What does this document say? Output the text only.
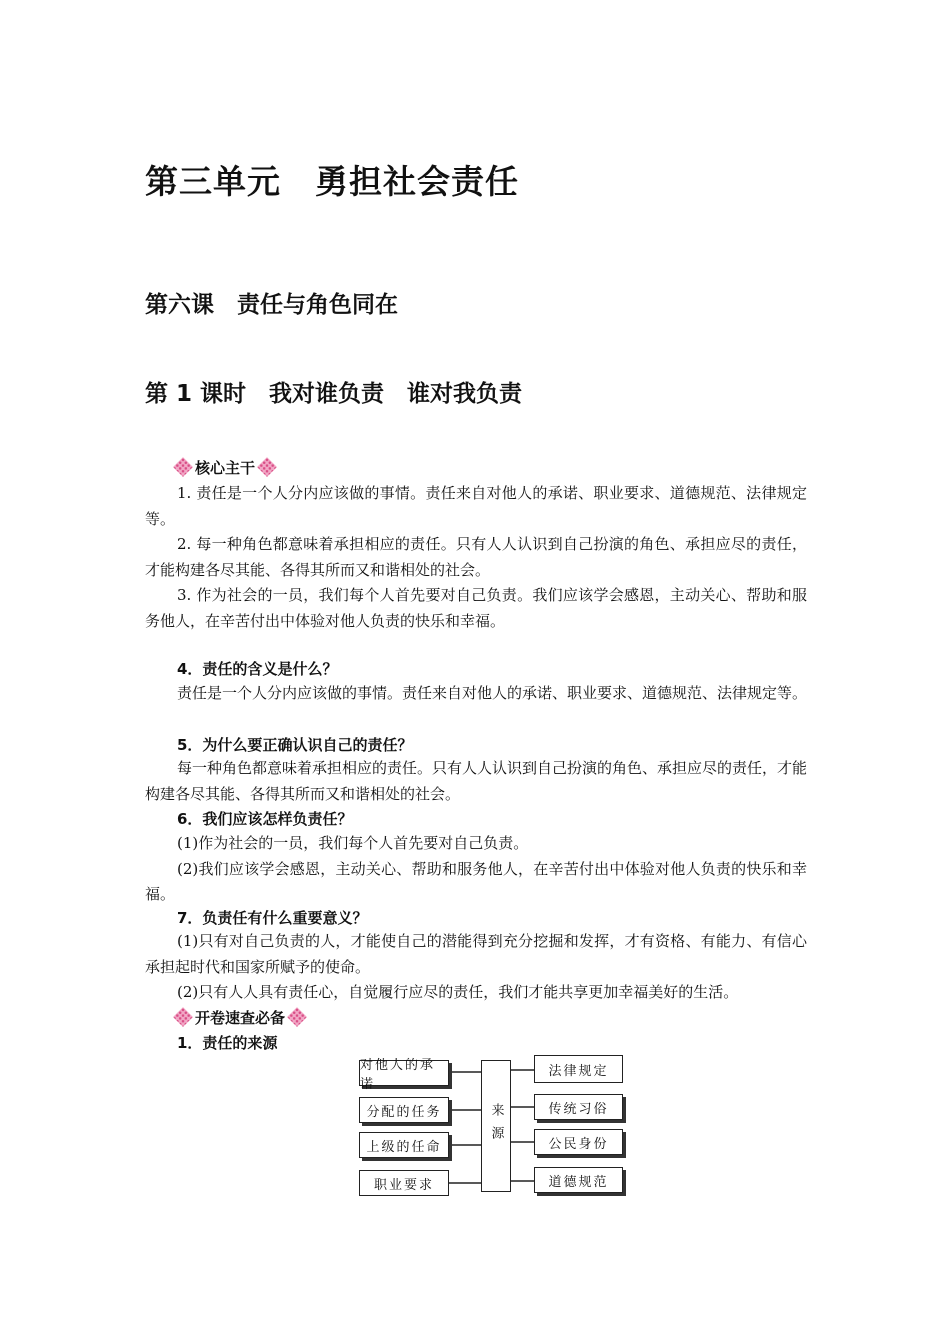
第三单元　勇担社会责任
第六课　责任与角色同在
第 1 课时　我对谁负责　谁对我负责
核心主干
1. 责任是一个人分内应该做的事情。责任来自对他人的承诺、职业要求、道德规范、法律规定等。
2. 每一种角色都意味着承担相应的责任。只有人人认识到自己扮演的角色、承担应尽的责任，才能构建各尽其能、各得其所而又和谐相处的社会。
3. 作为社会的一员，我们每个人首先要对自己负责。我们应该学会感恩，主动关心、帮助和服务他人，在辛苦付出中体验对他人负责的快乐和幸福。
4．责任的含义是什么？
责任是一个人分内应该做的事情。责任来自对他人的承诺、职业要求、道德规范、法律规定等。
5．为什么要正确认识自己的责任？
每一种角色都意味着承担相应的责任。只有人人认识到自己扮演的角色、承担应尽的责任，才能构建各尽其能、各得其所而又和谐相处的社会。
6．我们应该怎样负责任？
(1)作为社会的一员，我们每个人首先要对自己负责。
(2)我们应该学会感恩，主动关心、帮助和服务他人，在辛苦付出中体验对他人负责的快乐和幸福。
7．负责任有什么重要意义？
(1)只有对自己负责的人，才能使自己的潜能得到充分挖掘和发挥，才有资格、有能力、有信心承担起时代和国家所赋予的使命。
(2)只有人人具有责任心，自觉履行应尽的责任，我们才能共享更加幸福美好的生活。
开卷速查必备
1．责任的来源
对他人的承诺
分配的任务
上级的任命
职业要求
来源
法律规定
传统习俗
公民身份
道德规范
